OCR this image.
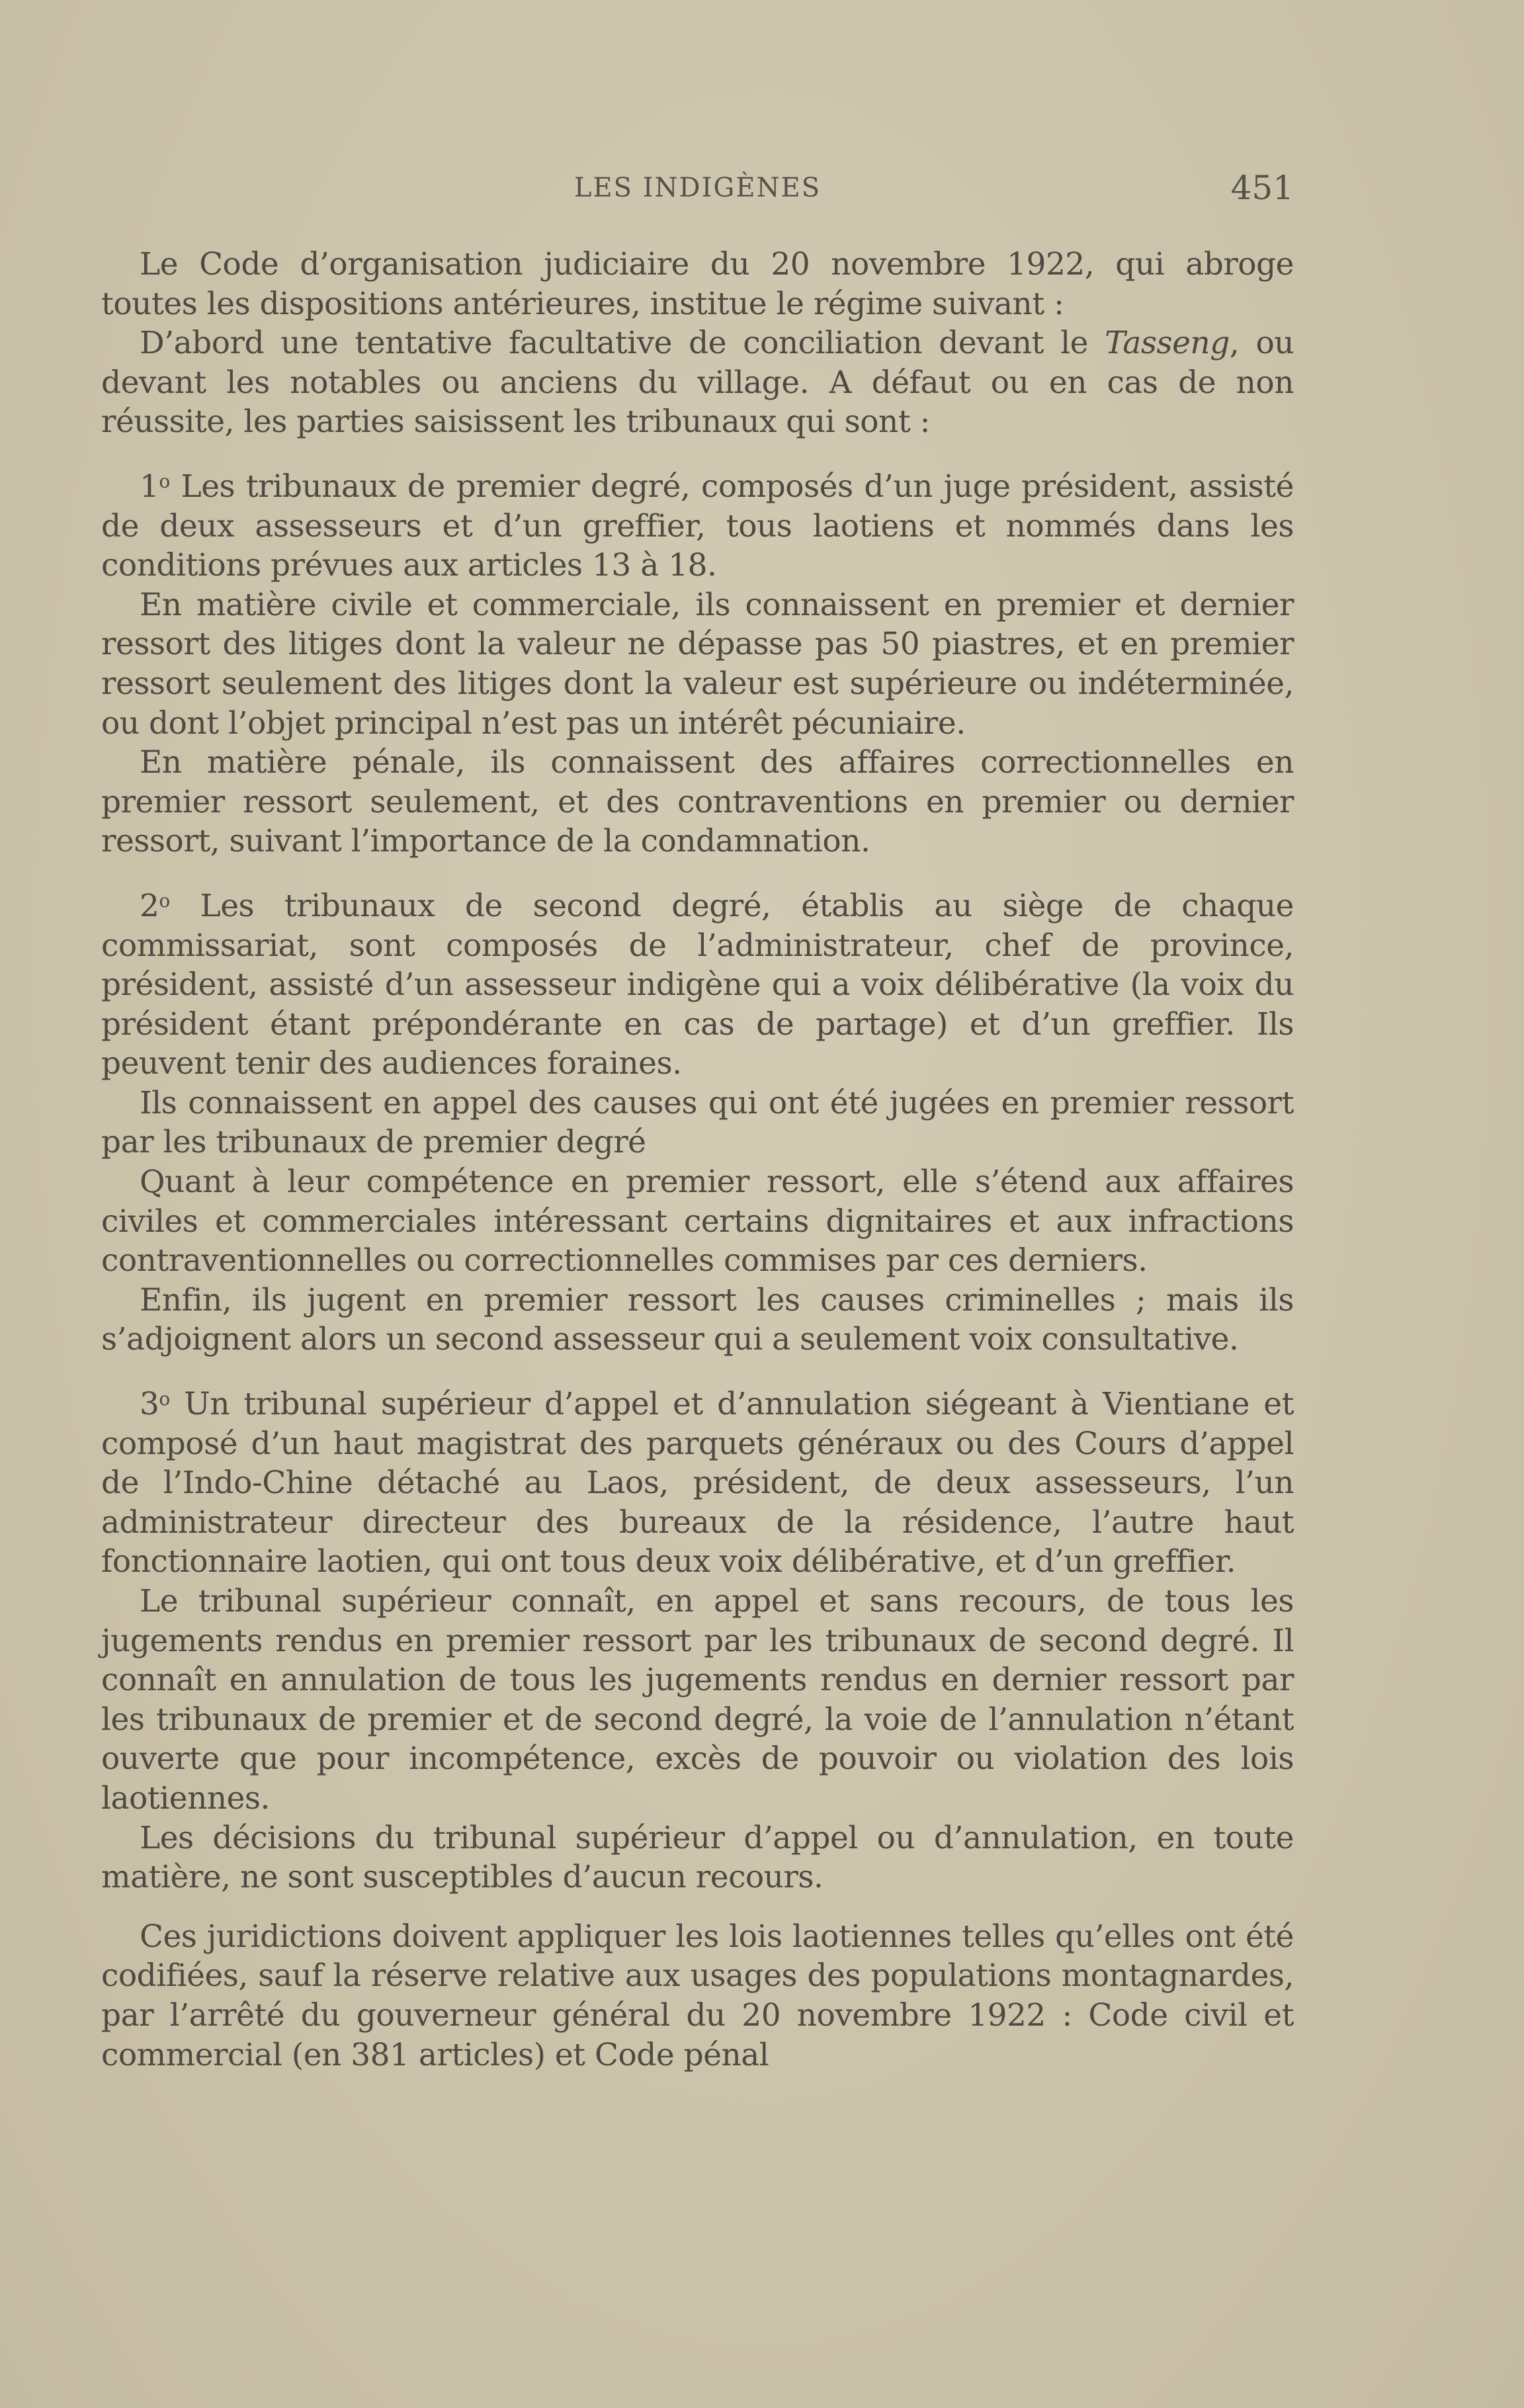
LES INDIGÈNES	451

Le Code d’organisation judiciaire du 20 novembre 1922, qui abroge toutes les dispositions antérieures, institue le régime suivant :

D’abord une tentative facultative de conciliation devant le Tasseng, ou devant les notables ou anciens du village. A défaut ou en cas de non réussite, les parties saisissent les tribunaux qui sont :

1$^o$ Les tribunaux de premier degré, composés d’un juge président, assisté de deux assesseurs et d’un greffier, tous laotiens et nommés dans les conditions prévues aux articles 13 à 18.

En matière civile et commerciale, ils connaissent en premier et dernier ressort des litiges dont la valeur ne dépasse pas 50 piastres, et en premier ressort seulement des litiges dont la valeur est supérieure ou indéterminée, ou dont l’objet principal n’est pas un intérêt pécuniaire.

En matière pénale, ils connaissent des affaires correctionnelles en premier ressort seulement, et des contraventions en premier ou dernier ressort, suivant l’importance de la condamnation.

2$^o$ Les tribunaux de second degré, établis au siège de chaque commissariat, sont composés de l’administrateur, chef de province, président, assisté d’un assesseur indigène qui a voix délibérative (la voix du président étant prépondérante en cas de partage) et d’un greffier. Ils peuvent tenir des audiences foraines.

Ils connaissent en appel des causes qui ont été jugées en premier ressort par les tribunaux de premier degré

Quant à leur compétence en premier ressort, elle s’étend aux affaires civiles et commerciales intéressant certains dignitaires et aux infractions contraventionnelles ou correctionnelles commises par ces derniers.

Enfin, ils jugent en premier ressort les causes criminelles ; mais ils s’adjoignent alors un second assesseur qui a seulement voix consultative.

3$^o$ Un tribunal supérieur d’appel et d’annulation siégeant à Vientiane et composé d’un haut magistrat des parquets généraux ou des Cours d’appel de l’Indo-Chine détaché au Laos, président, de deux assesseurs, l’un administrateur directeur des bureaux de la résidence, l’autre haut fonctionnaire laotien, qui ont tous deux voix délibérative, et d’un greffier.

Le tribunal supérieur connaît, en appel et sans recours, de tous les jugements rendus en premier ressort par les tribunaux de second degré. Il connaît en annulation de tous les jugements rendus en dernier ressort par les tribunaux de premier et de second degré, la voie de l’annulation n’étant ouverte que pour incompétence, excès de pouvoir ou violation des lois laotiennes.

Les décisions du tribunal supérieur d’appel ou d’annulation, en toute matière, ne sont susceptibles d’aucun recours.

Ces juridictions doivent appliquer les lois laotiennes telles qu’elles ont été codifiées, sauf la réserve relative aux usages des populations montagnardes, par l’arrêté du gouverneur général du 20 novembre 1922 : Code civil et commercial (en 381 articles) et Code pénal
